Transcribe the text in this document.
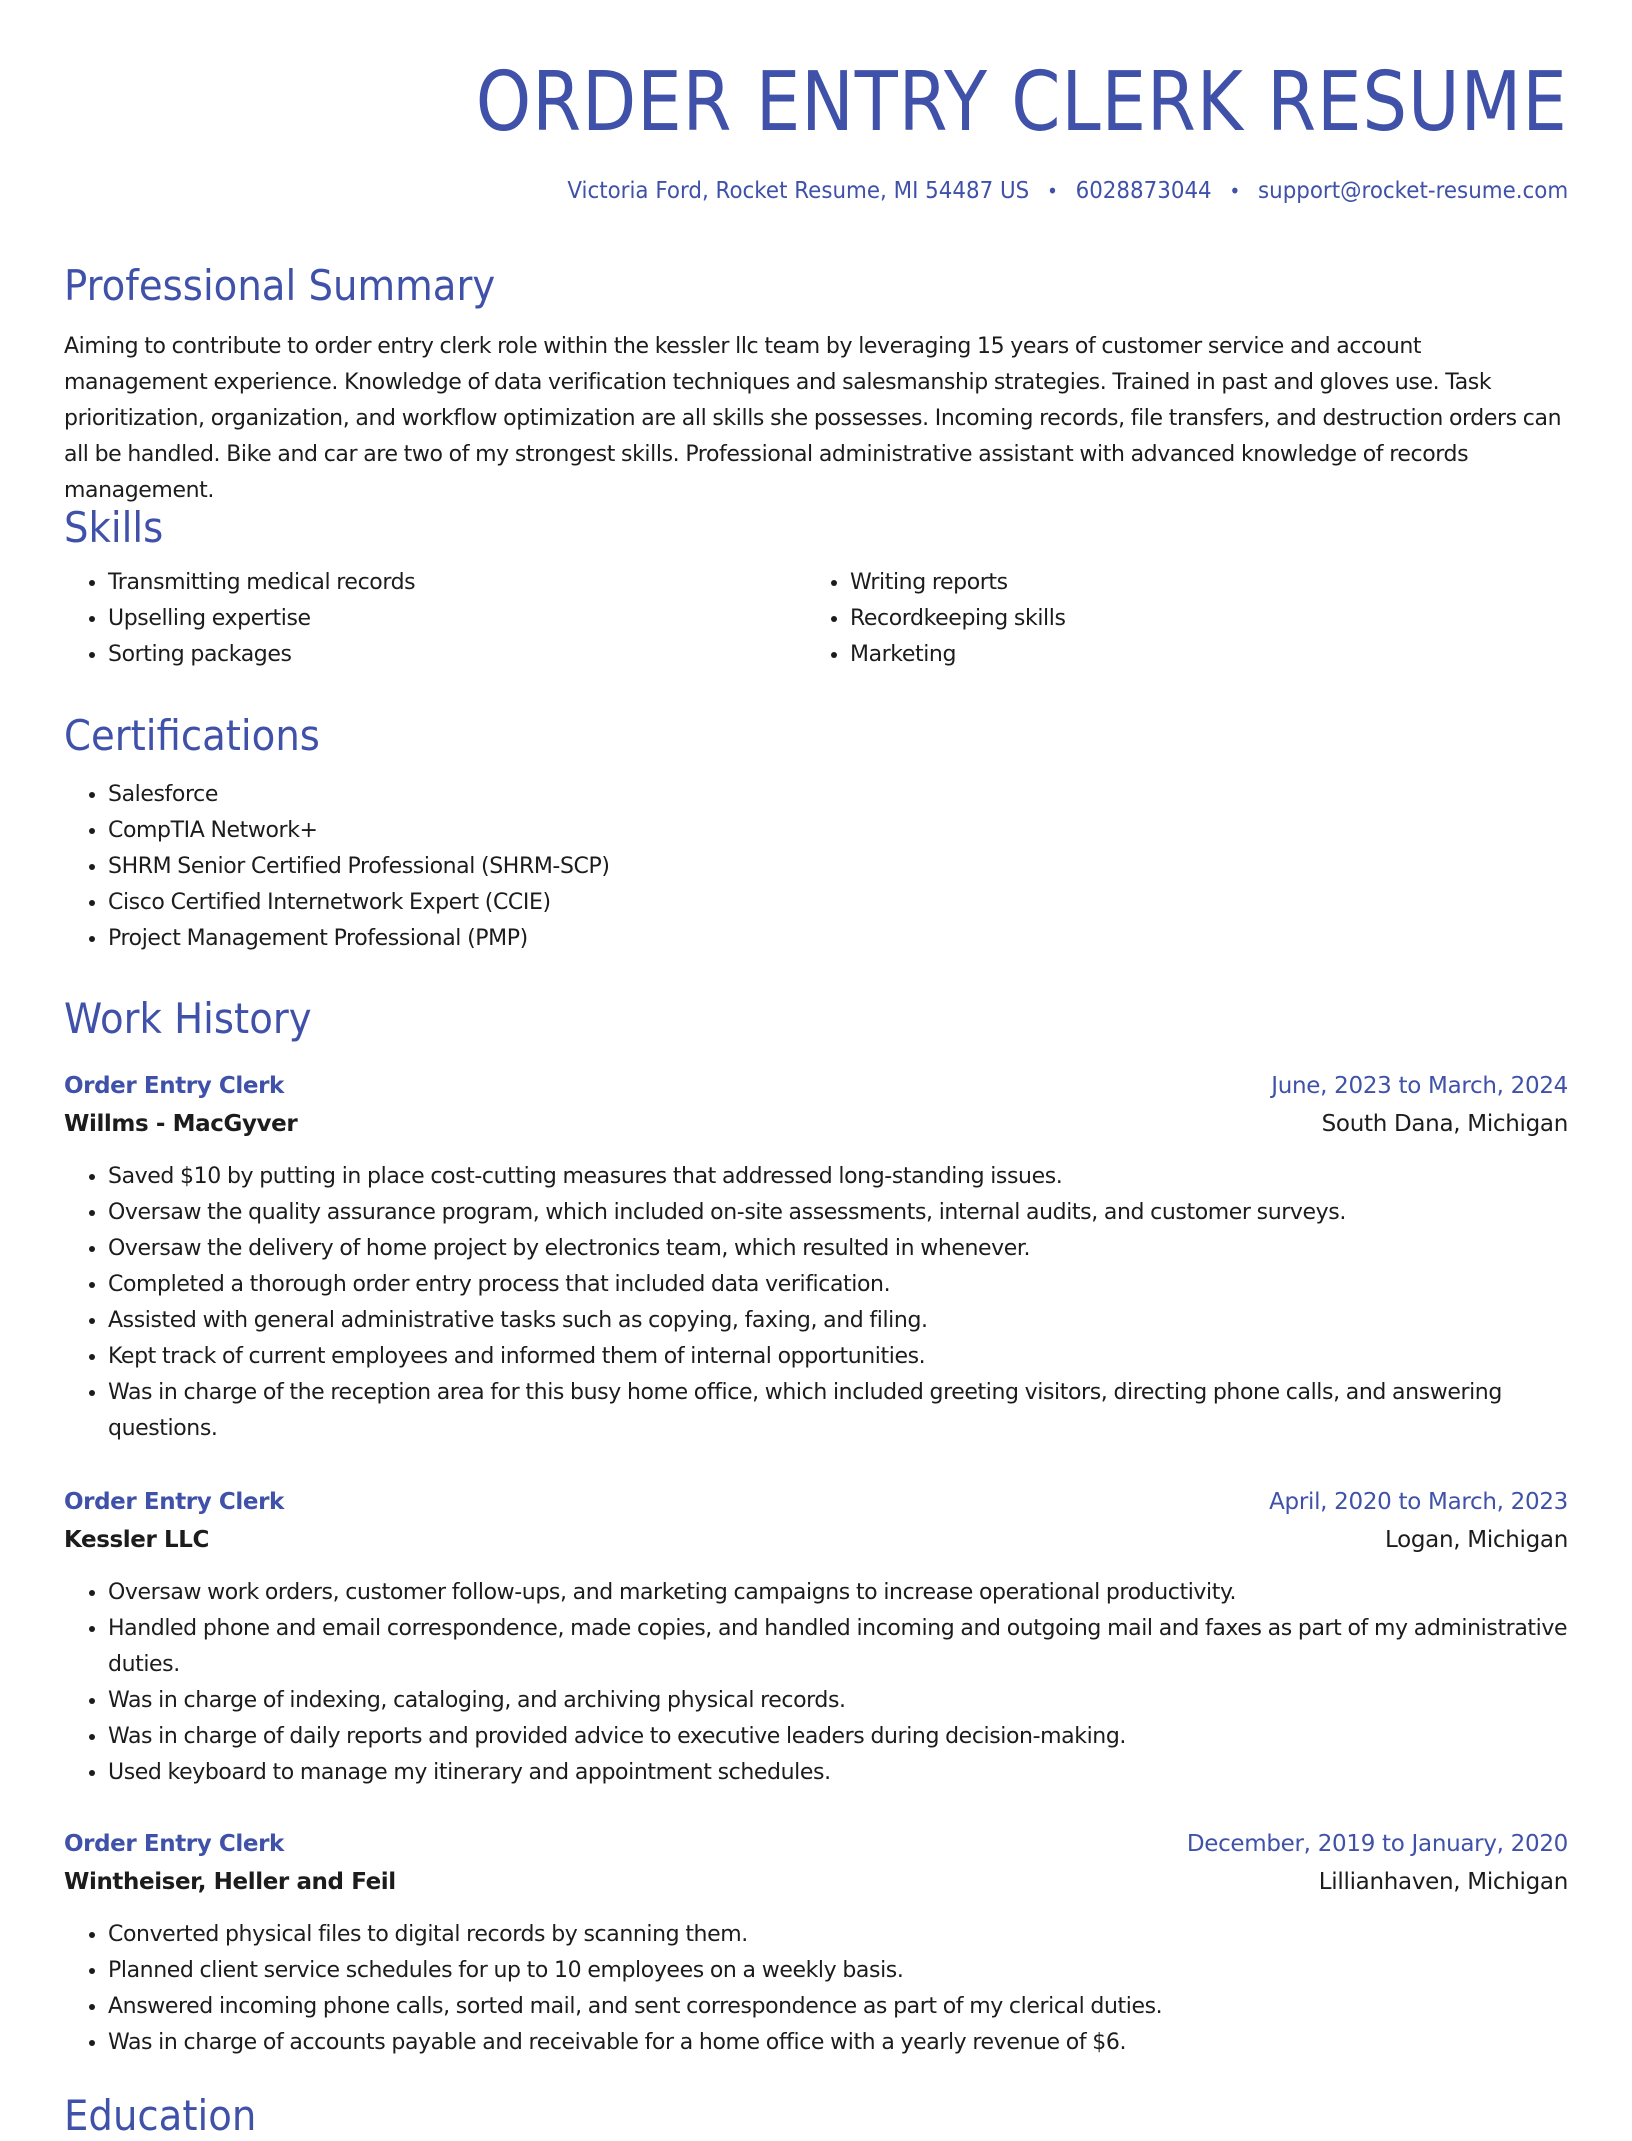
ORDER ENTRY CLERK RESUME
Victoria Ford, Rocket Resume, MI 54487 US • 6028873044 • support@rocket-resume.com
Professional Summary

Aiming to contribute to order entry clerk role within the kessler llc team by leveraging 15 years of customer service and account management experience. Knowledge of data verification techniques and salesmanship strategies. Trained in past and gloves use. Task prioritization, organization, and workflow optimization are all skills she possesses. Incoming records, file transfers, and destruction orders can all be handled. Bike and car are two of my strongest skills. Professional administrative assistant with advanced knowledge of records management.

Skills
• Transmitting medical records
• Upselling expertise
• Sorting packages
• Writing reports
• Recordkeeping skills
• Marketing
Certifications
• Salesforce
• CompTIA Network+
• SHRM Senior Certified Professional (SHRM-SCP)
• Cisco Certified Internetwork Expert (CCIE)
• Project Management Professional (PMP)
Work History
Order Entry Clerk	June, 2023 to March, 2024
Willms - MacGyver	South Dana, Michigan
• Saved $10 by putting in place cost-cutting measures that addressed long-standing issues.
• Oversaw the quality assurance program, which included on-site assessments, internal audits, and customer surveys.
• Oversaw the delivery of home project by electronics team, which resulted in whenever.
• Completed a thorough order entry process that included data verification.
• Assisted with general administrative tasks such as copying, faxing, and filing.
• Kept track of current employees and informed them of internal opportunities.
• Was in charge of the reception area for this busy home office, which included greeting visitors, directing phone calls, and answering questions.
Order Entry Clerk	April, 2020 to March, 2023
Kessler LLC	Logan, Michigan
• Oversaw work orders, customer follow-ups, and marketing campaigns to increase operational productivity.
• Handled phone and email correspondence, made copies, and handled incoming and outgoing mail and faxes as part of my administrative duties.
• Was in charge of indexing, cataloging, and archiving physical records.
• Was in charge of daily reports and provided advice to executive leaders during decision-making.
• Used keyboard to manage my itinerary and appointment schedules.
Order Entry Clerk	December, 2019 to January, 2020
Wintheiser, Heller and Feil	Lillianhaven, Michigan
• Converted physical files to digital records by scanning them.
• Planned client service schedules for up to 10 employees on a weekly basis.
• Answered incoming phone calls, sorted mail, and sent correspondence as part of my clerical duties.
• Was in charge of accounts payable and receivable for a home office with a yearly revenue of $6.
Education
